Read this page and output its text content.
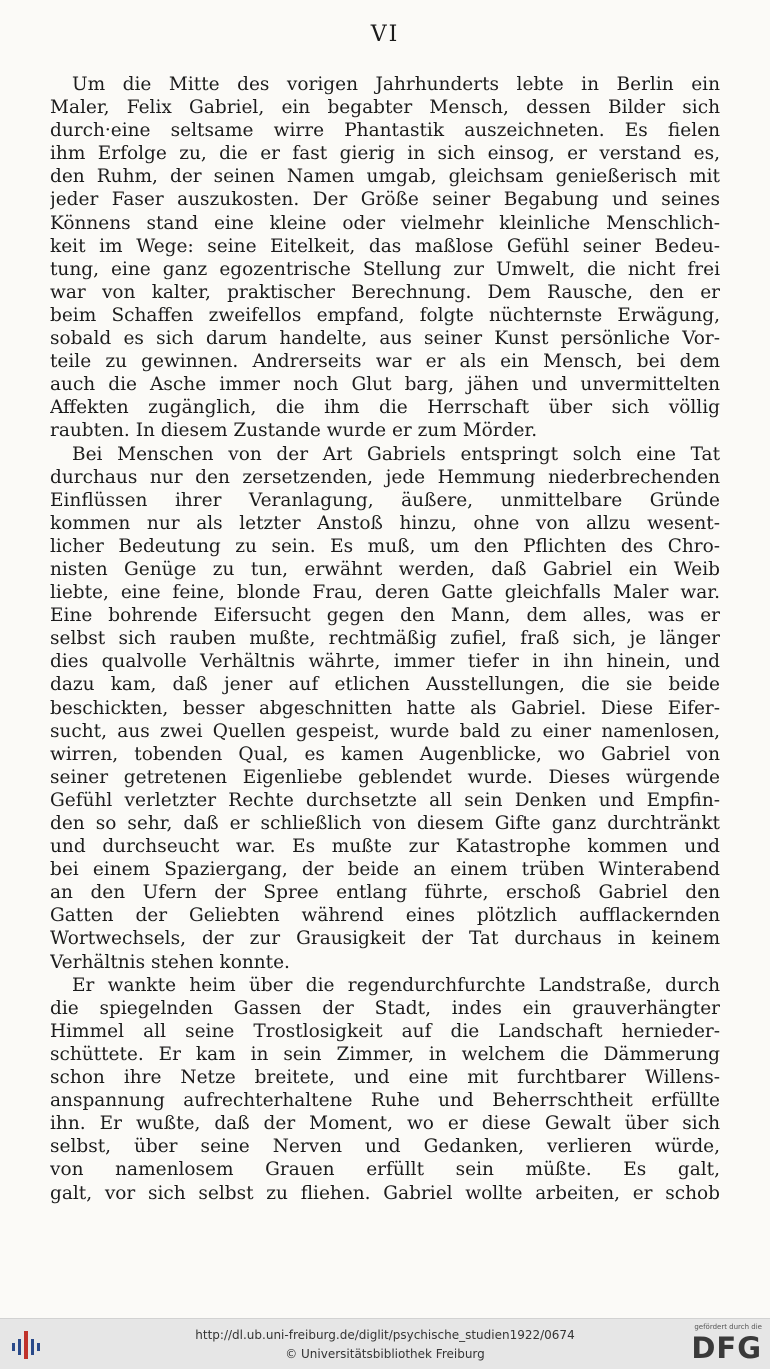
VI
Um die Mitte des vorigen Jahrhunderts lebte in Berlin ein
Maler, Felix Gabriel, ein begabter Mensch, dessen Bilder sich
durch·eine seltsame wirre Phantastik auszeichneten. Es fielen
ihm Erfolge zu, die er fast gierig in sich einsog, er verstand es,
den Ruhm, der seinen Namen umgab, gleichsam genießerisch mit
jeder Faser auszukosten. Der Größe seiner Begabung und seines
Könnens stand eine kleine oder vielmehr kleinliche Menschlich-
keit im Wege: seine Eitelkeit, das maßlose Gefühl seiner Bedeu-
tung, eine ganz egozentrische Stellung zur Umwelt, die nicht frei
war von kalter, praktischer Berechnung. Dem Rausche, den er
beim Schaffen zweifellos empfand, folgte nüchternste Erwägung,
sobald es sich darum handelte, aus seiner Kunst persönliche Vor-
teile zu gewinnen. Andrerseits war er als ein Mensch, bei dem
auch die Asche immer noch Glut barg, jähen und unvermittelten
Affekten zugänglich, die ihm die Herrschaft über sich völlig
raubten. In diesem Zustande wurde er zum Mörder.
Bei Menschen von der Art Gabriels entspringt solch eine Tat
durchaus nur den zersetzenden, jede Hemmung niederbrechenden
Einflüssen ihrer Veranlagung, äußere, unmittelbare Gründe
kommen nur als letzter Anstoß hinzu, ohne von allzu wesent-
licher Bedeutung zu sein. Es muß, um den Pflichten des Chro-
nisten Genüge zu tun, erwähnt werden, daß Gabriel ein Weib
liebte, eine feine, blonde Frau, deren Gatte gleichfalls Maler war.
Eine bohrende Eifersucht gegen den Mann, dem alles, was er
selbst sich rauben mußte, rechtmäßig zufiel, fraß sich, je länger
dies qualvolle Verhältnis währte, immer tiefer in ihn hinein, und
dazu kam, daß jener auf etlichen Ausstellungen, die sie beide
beschickten, besser abgeschnitten hatte als Gabriel. Diese Eifer-
sucht, aus zwei Quellen gespeist, wurde bald zu einer namenlosen,
wirren, tobenden Qual, es kamen Augenblicke, wo Gabriel von
seiner getretenen Eigenliebe geblendet wurde. Dieses würgende
Gefühl verletzter Rechte durchsetzte all sein Denken und Empfin-
den so sehr, daß er schließlich von diesem Gifte ganz durchtränkt
und durchseucht war. Es mußte zur Katastrophe kommen und
bei einem Spaziergang, der beide an einem trüben Winterabend
an den Ufern der Spree entlang führte, erschoß Gabriel den
Gatten der Geliebten während eines plötzlich aufflackernden
Wortwechsels, der zur Grausigkeit der Tat durchaus in keinem
Verhältnis stehen konnte.
Er wankte heim über die regendurchfurchte Landstraße, durch
die spiegelnden Gassen der Stadt, indes ein grauverhängter
Himmel all seine Trostlosigkeit auf die Landschaft hernieder-
schüttete. Er kam in sein Zimmer, in welchem die Dämmerung
schon ihre Netze breitete, und eine mit furchtbarer Willens-
anspannung aufrechterhaltene Ruhe und Beherrschtheit erfüllte
ihn. Er wußte, daß der Moment, wo er diese Gewalt über sich
selbst, über seine Nerven und Gedanken, verlieren würde,
von namenlosem Grauen erfüllt sein müßte. Es galt,
galt, vor sich selbst zu fliehen. Gabriel wollte arbeiten, er schob
http://dl.ub.uni-freiburg.de/diglit/psychische_studien1922/0674
© Universitätsbibliothek Freiburg
gefördert durch die
DFG
